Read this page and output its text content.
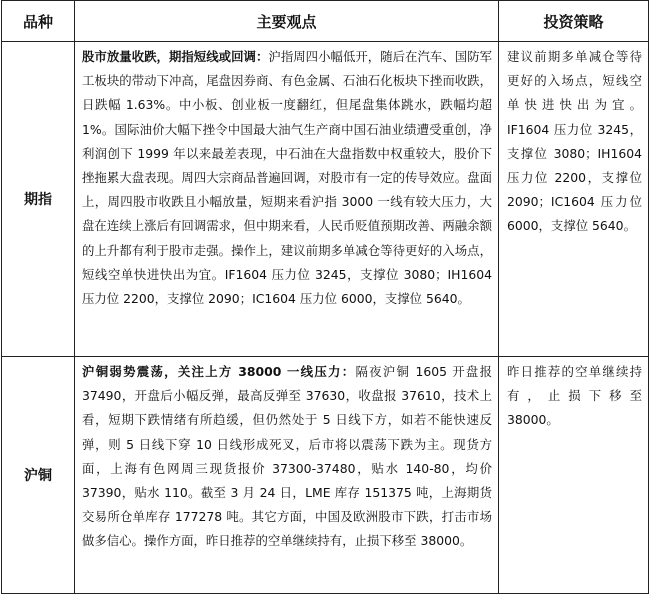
品种	主要观点	投资策略
期指	股市放量收跌，期指短线或回调：沪指周四小幅低开，随后在汽车、国防军工板块的带动下冲高，尾盘因券商、有色金属、石油石化板块下挫而收跌，日跌幅 1.63%。中小板、创业板一度翻红，但尾盘集体跳水，跌幅均超 1%。国际油价大幅下挫令中国最大油气生产商中国石油业绩遭受重创，净利润创下 1999 年以来最差表现，中石油在大盘指数中权重较大，股价下挫拖累大盘表现。周四大宗商品普遍回调，对股市有一定的传导效应。盘面上，周四股市收跌且小幅放量，短期来看沪指 3000 一线有较大压力，大盘在连续上涨后有回调需求，但中期来看，人民币贬值预期改善、两融余额的上升都有利于股市走强。操作上，建议前期多单减仓等待更好的入场点，短线空单快进快出为宜。IF1604 压力位 3245，支撑位 3080；IH1604 压力位 2200，支撑位 2090；IC1604 压力位 6000，支撑位 5640。	建议前期多单减仓等待更好的入场点，短线空单快进快出为宜。IF1604 压力位 3245，支撑位 3080；IH1604 压力位 2200，支撑位 2090；IC1604 压力位 6000，支撑位 5640。
沪铜	沪铜弱势震荡，关注上方 38000 一线压力：隔夜沪铜 1605 开盘报 37490，开盘后小幅反弹，最高反弹至 37630，收盘报 37610，技术上看，短期下跌情绪有所趋缓，但仍然处于 5 日线下方，如若不能快速反弹，则 5 日线下穿 10 日线形成死叉，后市将以震荡下跌为主。现货方面，上海有色网周三现货报价 37300-37480，贴水 140-80，均价 37390，贴水 110。截至 3 月 24 日，LME 库存 151375 吨，上海期货交易所仓单库存 177278 吨。其它方面，中国及欧洲股市下跌，打击市场做多信心。操作方面，昨日推荐的空单继续持有，止损下移至 38000。	昨日推荐的空单继续持有，止损下移至 38000。
